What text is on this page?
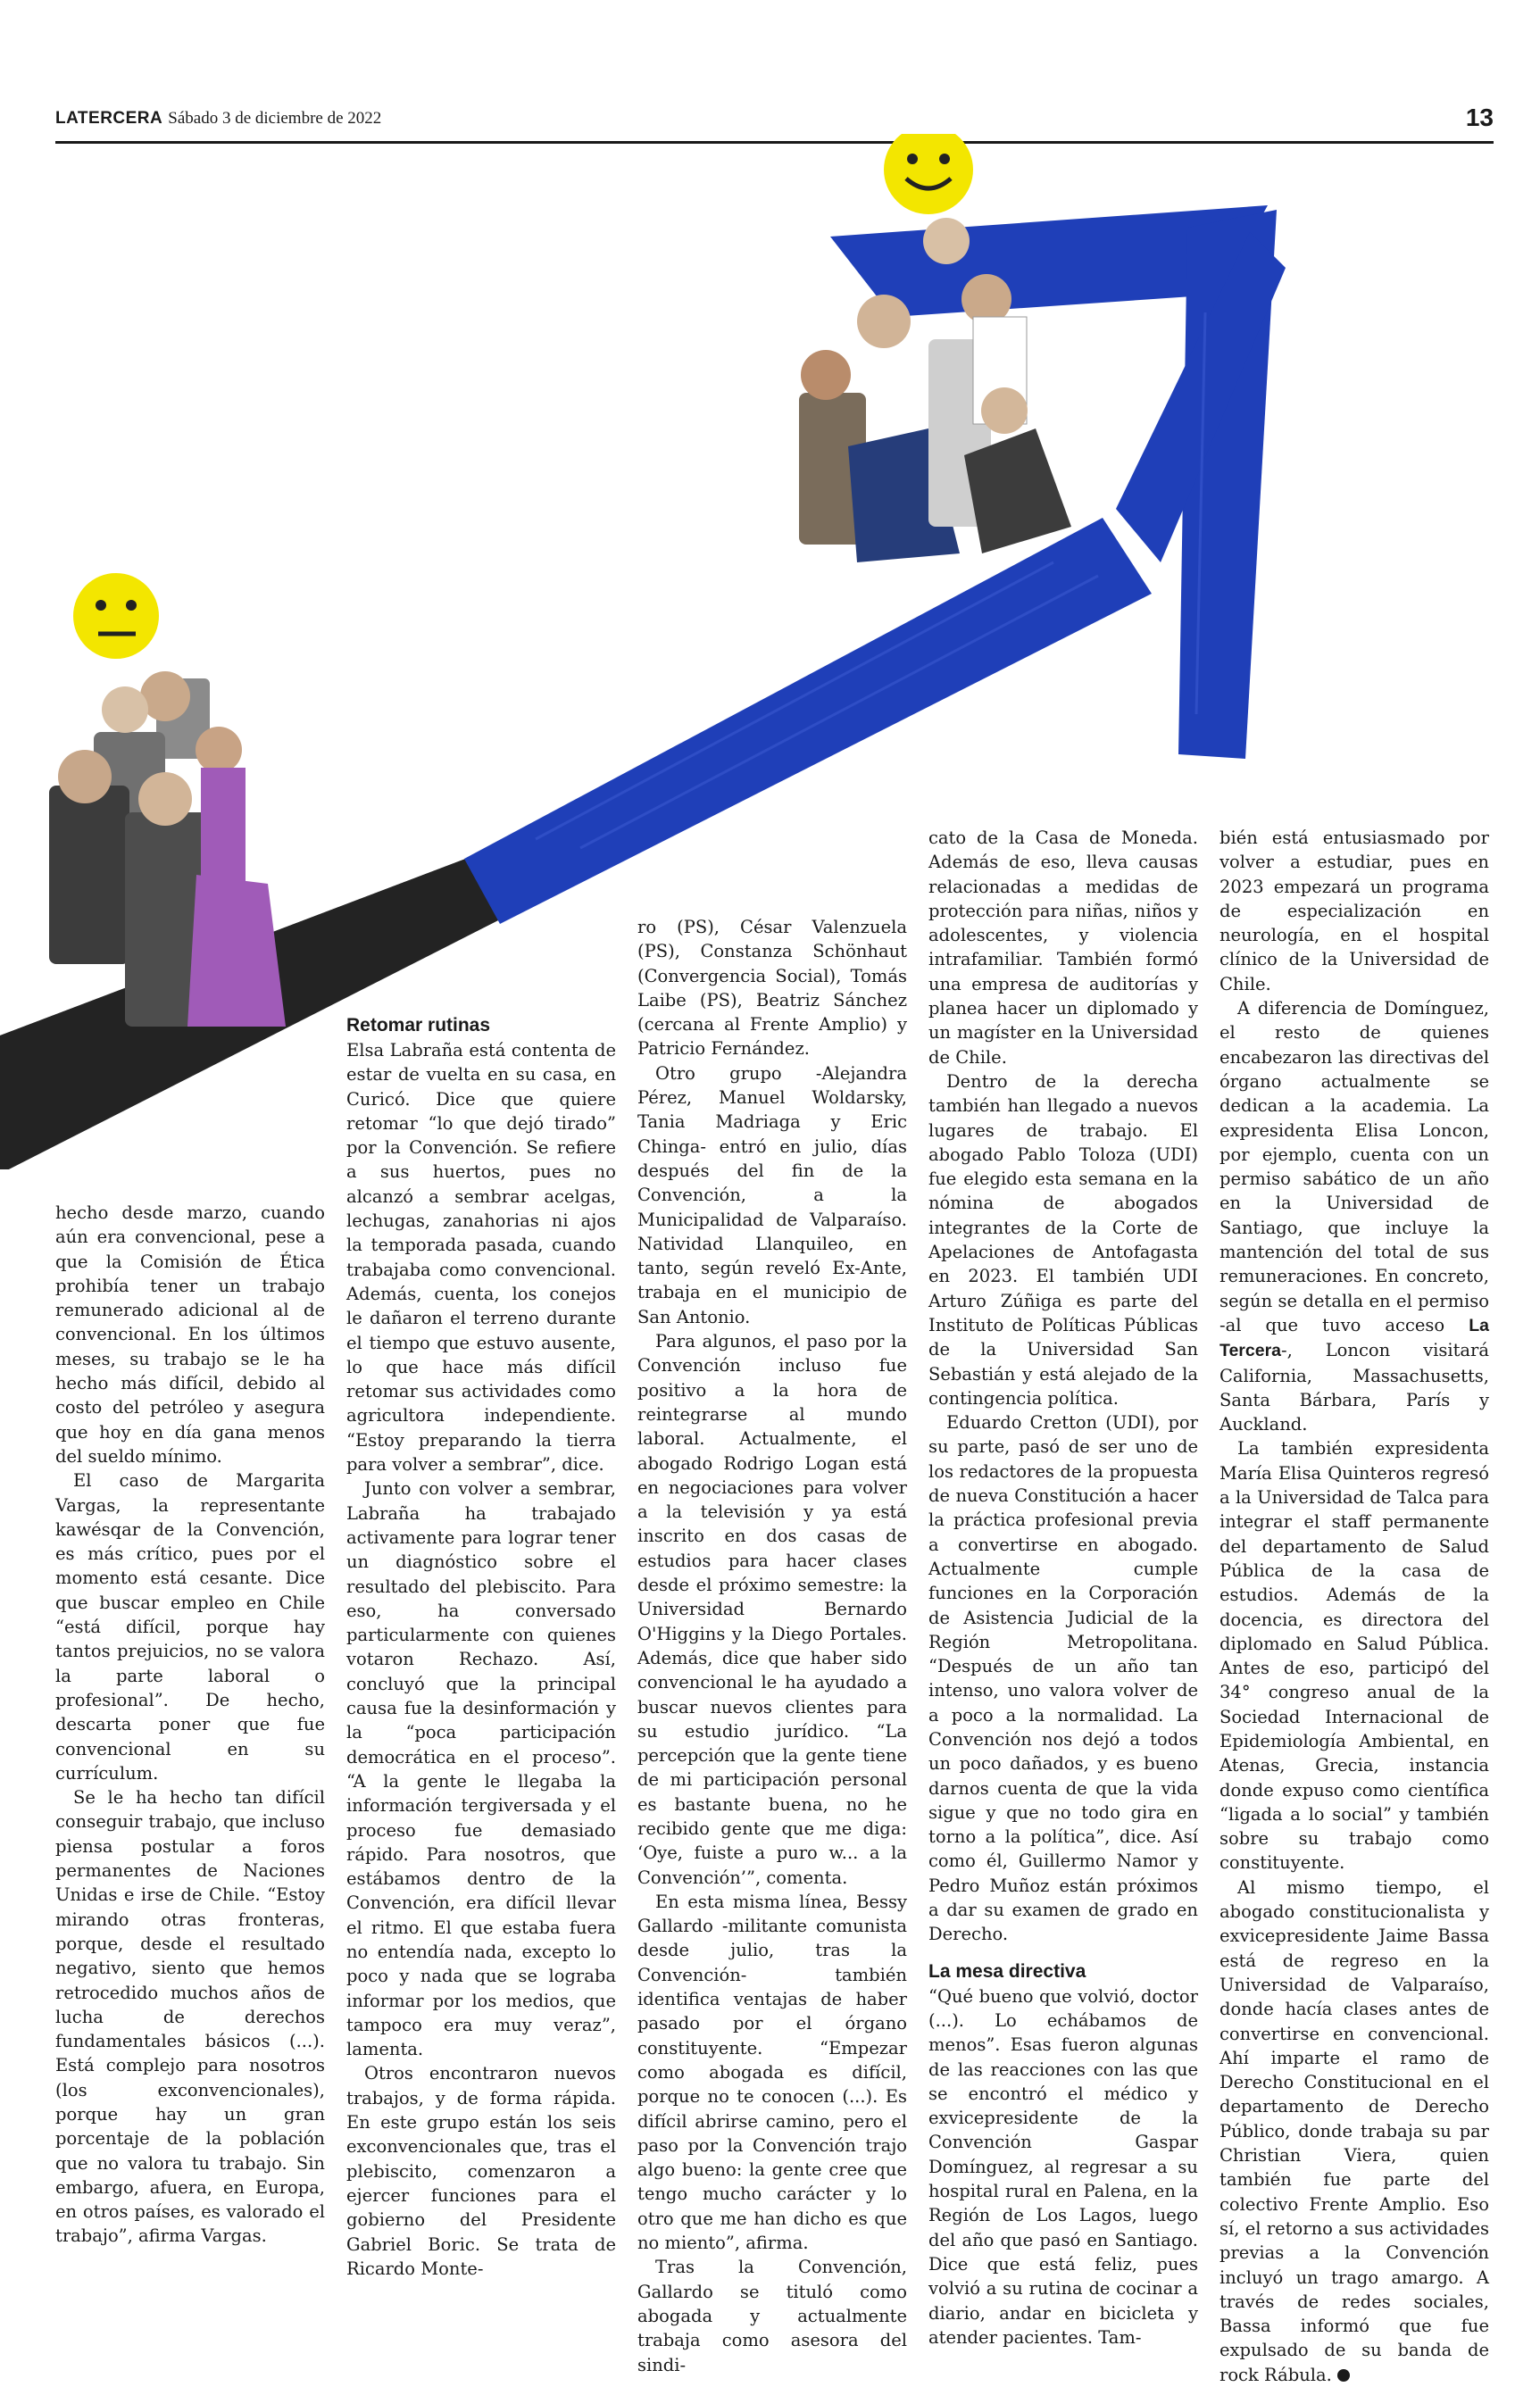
LATERCERA Sábado 3 de diciembre de 2022	13

hecho desde marzo, cuando aún era convencional, pese a que la Comisión de Ética prohibía tener un trabajo remunerado adicional al de convencional. En los últimos meses, su trabajo se le ha hecho más difícil, debido al costo del petróleo y asegura que hoy en día gana menos del sueldo mínimo.

El caso de Margarita Vargas, la representante kawésqar de la Convención, es más crítico, pues por el momento está cesante. Dice que buscar empleo en Chile “está difícil, porque hay tantos prejuicios, no se valora la parte laboral o profesional”. De hecho, descarta poner que fue convencional en su currículum.

Se le ha hecho tan difícil conseguir trabajo, que incluso piensa postular a foros permanentes de Naciones Unidas e irse de Chile. “Estoy mirando otras fronteras, porque, desde el resultado negativo, siento que hemos retrocedido muchos años de lucha de derechos fundamentales básicos (...). Está complejo para nosotros (los exconvencionales), porque hay un gran porcentaje de la población que no valora tu trabajo. Sin embargo, afuera, en Europa, en otros países, es valorado el trabajo”, afirma Vargas.

Retomar rutinas

Elsa Labraña está contenta de estar de vuelta en su casa, en Curicó. Dice que quiere retomar “lo que dejó tirado” por la Convención. Se refiere a sus huertos, pues no alcanzó a sembrar acelgas, lechugas, zanahorias ni ajos la temporada pasada, cuando trabajaba como convencional. Además, cuenta, los conejos le dañaron el terreno durante el tiempo que estuvo ausente, lo que hace más difícil retomar sus actividades como agricultora independiente. “Estoy preparando la tierra para volver a sembrar”, dice.

Junto con volver a sembrar, Labraña ha trabajado activamente para lograr tener un diagnóstico sobre el resultado del plebiscito. Para eso, ha conversado particularmente con quienes votaron Rechazo. Así, concluyó que la principal causa fue la desinformación y la “poca participación democrática en el proceso”. “A la gente le llegaba la información tergiversada y el proceso fue demasiado rápido. Para nosotros, que estábamos dentro de la Convención, era difícil llevar el ritmo. El que estaba fuera no entendía nada, excepto lo poco y nada que se lograba informar por los medios, que tampoco era muy veraz”, lamenta.

Otros encontraron nuevos trabajos, y de forma rápida. En este grupo están los seis exconvencionales que, tras el plebiscito, comenzaron a ejercer funciones para el gobierno del Presidente Gabriel Boric. Se trata de Ricardo Monte-

ro (PS), César Valenzuela (PS), Constanza Schönhaut (Convergencia Social), Tomás Laibe (PS), Beatriz Sánchez (cercana al Frente Amplio) y Patricio Fernández.

Otro grupo -Alejandra Pérez, Manuel Woldarsky, Tania Madriaga y Eric Chinga- entró en julio, días después del fin de la Convención, a la Municipalidad de Valparaíso. Natividad Llanquileo, en tanto, según reveló Ex-Ante, trabaja en el municipio de San Antonio.

Para algunos, el paso por la Convención incluso fue positivo a la hora de reintegrarse al mundo laboral. Actualmente, el abogado Rodrigo Logan está en negociaciones para volver a la televisión y ya está inscrito en dos casas de estudios para hacer clases desde el próximo semestre: la Universidad Bernardo O'Higgins y la Diego Portales. Además, dice que haber sido convencional le ha ayudado a buscar nuevos clientes para su estudio jurídico. “La percepción que la gente tiene de mi participación personal es bastante buena, no he recibido gente que me diga: ‘Oye, fuiste a puro w... a la Convención’”, comenta.

En esta misma línea, Bessy Gallardo -militante comunista desde julio, tras la Convención- también identifica ventajas de haber pasado por el órgano constituyente. “Empezar como abogada es difícil, porque no te conocen (...). Es difícil abrirse camino, pero el paso por la Convención trajo algo bueno: la gente cree que tengo mucho carácter y lo otro que me han dicho es que no miento”, afirma.

Tras la Convención, Gallardo se tituló como abogada y actualmente trabaja como asesora del sindi-

cato de la Casa de Moneda. Además de eso, lleva causas relacionadas a medidas de protección para niñas, niños y adolescentes, y violencia intrafamiliar. También formó una empresa de auditorías y planea hacer un diplomado y un magíster en la Universidad de Chile.

Dentro de la derecha también han llegado a nuevos lugares de trabajo. El abogado Pablo Toloza (UDI) fue elegido esta semana en la nómina de abogados integrantes de la Corte de Apelaciones de Antofagasta en 2023. El también UDI Arturo Zúñiga es parte del Instituto de Políticas Públicas de la Universidad San Sebastián y está alejado de la contingencia política.

Eduardo Cretton (UDI), por su parte, pasó de ser uno de los redactores de la propuesta de nueva Constitución a hacer la práctica profesional previa a convertirse en abogado. Actualmente cumple funciones en la Corporación de Asistencia Judicial de la Región Metropolitana. “Después de un año tan intenso, uno valora volver de a poco a la normalidad. La Convención nos dejó a todos un poco dañados, y es bueno darnos cuenta de que la vida sigue y que no todo gira en torno a la política”, dice. Así como él, Guillermo Namor y Pedro Muñoz están próximos a dar su examen de grado en Derecho.

La mesa directiva

“Qué bueno que volvió, doctor (...). Lo echábamos de menos”. Esas fueron algunas de las reacciones con las que se encontró el médico y exvicepresidente de la Convención Gaspar Domínguez, al regresar a su hospital rural en Palena, en la Región de Los Lagos, luego del año que pasó en Santiago. Dice que está feliz, pues volvió a su rutina de cocinar a diario, andar en bicicleta y atender pacientes. Tam-

bién está entusiasmado por volver a estudiar, pues en 2023 empezará un programa de especialización en neurología, en el hospital clínico de la Universidad de Chile.

A diferencia de Domínguez, el resto de quienes encabezaron las directivas del órgano actualmente se dedican a la academia. La expresidenta Elisa Loncon, por ejemplo, cuenta con un permiso sabático de un año en la Universidad de Santiago, que incluye la mantención del total de sus remuneraciones. En concreto, según se detalla en el permiso -al que tuvo acceso La Tercera-, Loncon visitará California, Massachusetts, Santa Bárbara, París y Auckland.

La también expresidenta María Elisa Quinteros regresó a la Universidad de Talca para integrar el staff permanente del departamento de Salud Pública de la casa de estudios. Además de la docencia, es directora del diplomado en Salud Pública. Antes de eso, participó del 34° congreso anual de la Sociedad Internacional de Epidemiología Ambiental, en Atenas, Grecia, instancia donde expuso como científica “ligada a lo social” y también sobre su trabajo como constituyente.

Al mismo tiempo, el abogado constitucionalista y exvicepresidente Jaime Bassa está de regreso en la Universidad de Valparaíso, donde hacía clases antes de convertirse en convencional. Ahí imparte el ramo de Derecho Constitucional en el departamento de Derecho Público, donde trabaja su par Christian Viera, quien también fue parte del colectivo Frente Amplio. Eso sí, el retorno a sus actividades previas a la Convención incluyó un trago amargo. A través de redes sociales, Bassa informó que fue expulsado de su banda de rock Rábula.
